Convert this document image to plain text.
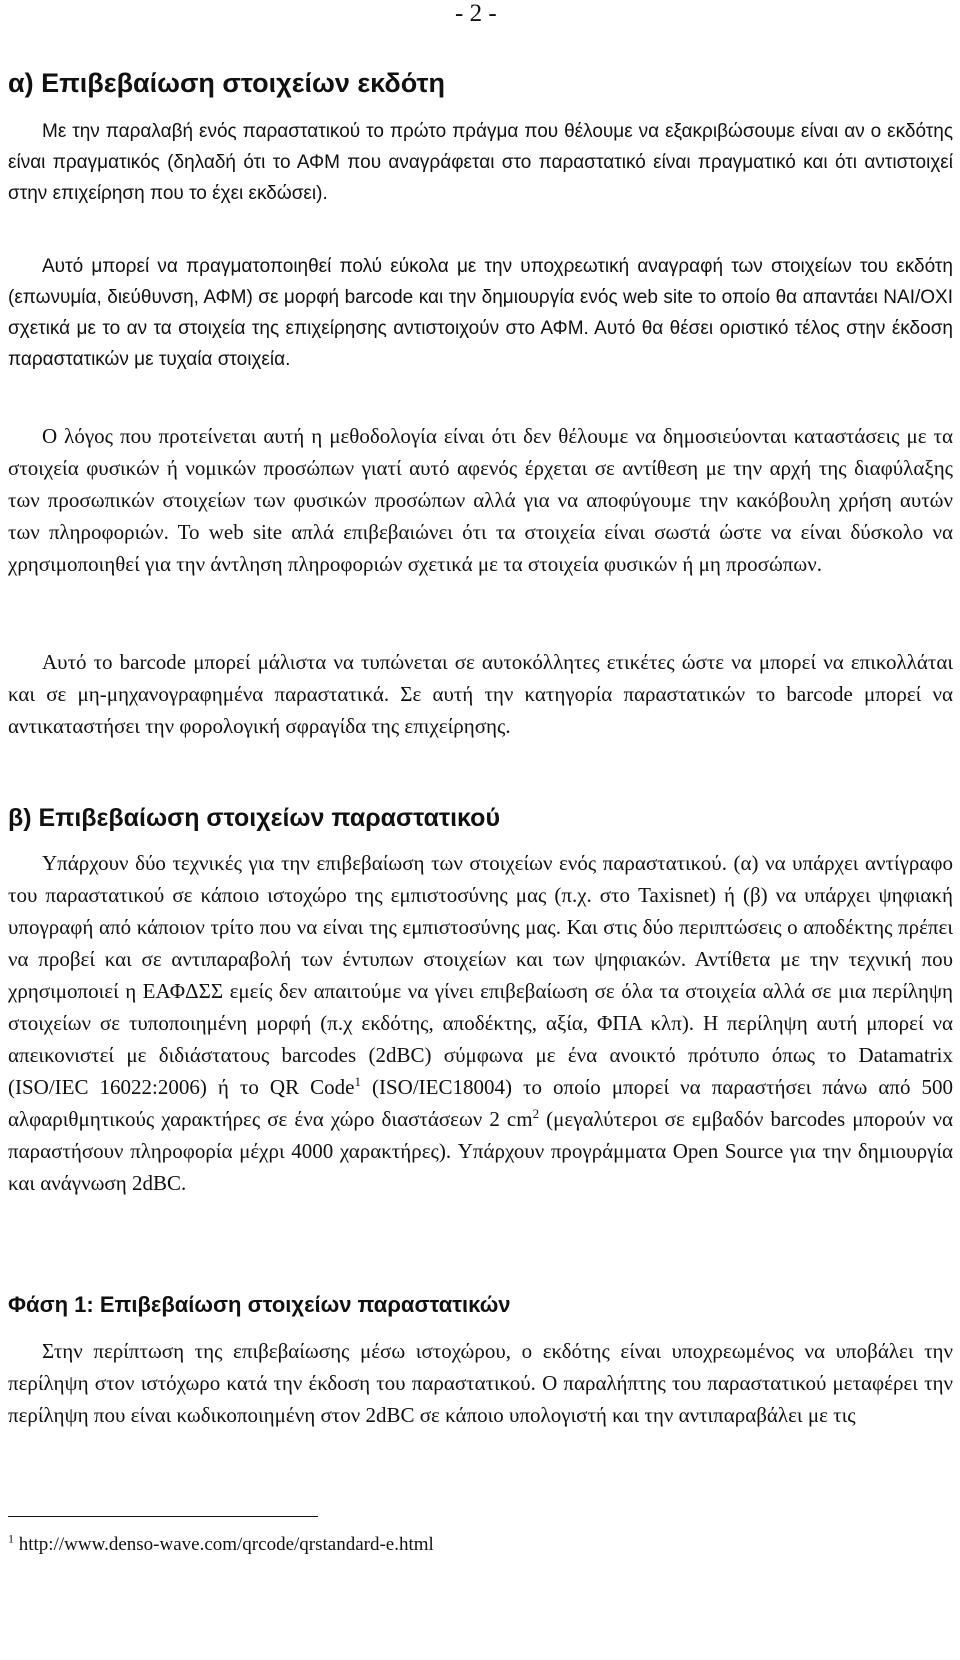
- 2 -
α) Επιβεβαίωση στοιχείων εκδότη

Με την παραλαβή ενός παραστατικού το πρώτο πράγμα που θέλουμε να εξακριβώσουμε είναι αν ο εκδότης είναι πραγματικός (δηλαδή ότι το ΑΦΜ που αναγράφεται στο παραστατικό είναι πραγματικό και ότι αντιστοιχεί στην επιχείρηση που το έχει εκδώσει).

Αυτό μπορεί να πραγματοποιηθεί πολύ εύκολα με την υποχρεωτική αναγραφή των στοιχείων του εκδότη (επωνυμία, διεύθυνση, ΑΦΜ) σε μορφή barcode και την δημιουργία ενός web site το οποίο θα απαντάει ΝΑΙ/ΟΧΙ σχετικά με το αν τα στοιχεία της επιχείρησης αντιστοιχούν στο ΑΦΜ. Αυτό θα θέσει οριστικό τέλος στην έκδοση παραστατικών με τυχαία στοιχεία.

Ο λόγος που προτείνεται αυτή η μεθοδολογία είναι ότι δεν θέλουμε να δημοσιεύονται καταστάσεις με τα στοιχεία φυσικών ή νομικών προσώπων γιατί αυτό αφενός έρχεται σε αντίθεση με την αρχή της διαφύλαξης των προσωπικών στοιχείων των φυσικών προσώπων αλλά για να αποφύγουμε την κακόβουλη χρήση αυτών των πληροφοριών. Το web site απλά επιβεβαιώνει ότι τα στοιχεία είναι σωστά ώστε να είναι δύσκολο να χρησιμοποιηθεί για την άντληση πληροφοριών σχετικά με τα στοιχεία φυσικών ή μη προσώπων.

Αυτό το barcode μπορεί μάλιστα να τυπώνεται σε αυτοκόλλητες ετικέτες ώστε να μπορεί να επικολλάται και σε μη-μηχανογραφημένα παραστατικά. Σε αυτή την κατηγορία παραστατικών το barcode μπορεί να αντικαταστήσει την φορολογική σφραγίδα της επιχείρησης.

β) Επιβεβαίωση στοιχείων παραστατικού

Υπάρχουν δύο τεχνικές για την επιβεβαίωση των στοιχείων ενός παραστατικού. (α) να υπάρχει αντίγραφο του παραστατικού σε κάποιο ιστοχώρο της εμπιστοσύνης μας (π.χ. στο Taxisnet) ή (β) να υπάρχει ψηφιακή υπογραφή από κάποιον τρίτο που να είναι της εμπιστοσύνης μας. Και στις δύο περιπτώσεις ο αποδέκτης πρέπει να προβεί και σε αντιπαραβολή των έντυπων στοιχείων και των ψηφιακών. Αντίθετα με την τεχνική που χρησιμοποιεί η ΕΑΦΔΣΣ εμείς δεν απαιτούμε να γίνει επιβεβαίωση σε όλα τα στοιχεία αλλά σε μια περίληψη στοιχείων σε τυποποιημένη μορφή (π.χ εκδότης, αποδέκτης, αξία, ΦΠΑ κλπ). Η περίληψη αυτή μπορεί να απεικονιστεί με διδιάστατους barcodes (2dBC) σύμφωνα με ένα ανοικτό πρότυπο όπως το Datamatrix (ISO/IEC 16022:2006) ή το QR Code$^1$ (ISO/IEC18004) το οποίο μπορεί να παραστήσει πάνω από 500 αλφαριθμητικούς χαρακτήρες σε ένα χώρο διαστάσεων 2 $cm^2$ (μεγαλύτεροι σε εμβαδόν barcodes μπορούν να παραστήσουν πληροφορία μέχρι 4000 χαρακτήρες). Υπάρχουν προγράμματα Open Source για την δημιουργία και ανάγνωση 2dBC.

Φάση 1: Επιβεβαίωση στοιχείων παραστατικών

Στην περίπτωση της επιβεβαίωσης μέσω ιστοχώρου, ο εκδότης είναι υποχρεωμένος να υποβάλει την περίληψη στον ιστόχωρο κατά την έκδοση του παραστατικού. Ο παραλήπτης του παραστατικού μεταφέρει την περίληψη που είναι κωδικοποιημένη στον 2dBC σε κάποιο υπολογιστή και την αντιπαραβάλει με τις

$^1$ http://www.denso-wave.com/qrcode/qrstandard-e.html
